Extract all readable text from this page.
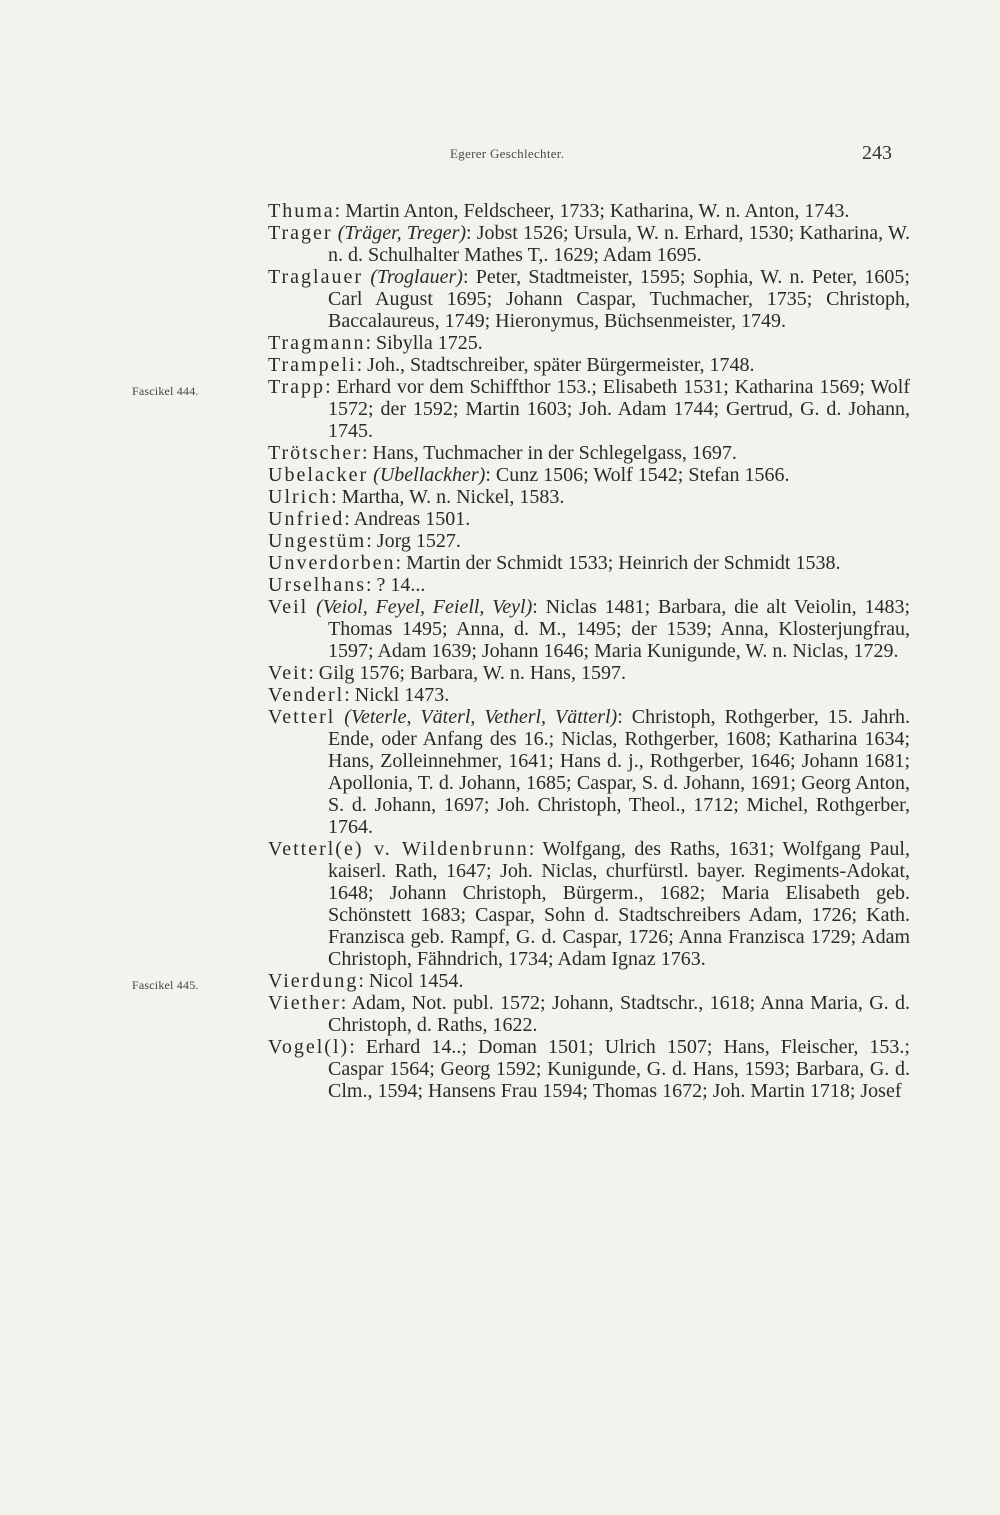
Egerer Geschlechter.	243

Thuma: Martin Anton, Feldscheer, 1733; Katharina, W. n. Anton, 1743.

Trager (Träger, Treger): Jobst 1526; Ursula, W. n. Erhard, 1530; Katharina, W. n. d. Schulhalter Mathes T,. 1629; Adam 1695.

Traglauer (Troglauer): Peter, Stadtmeister, 1595; Sophia, W. n. Peter, 1605; Carl August 1695; Johann Caspar, Tuchmacher, 1735; Christoph, Baccalaureus, 1749; Hieronymus, Büchsenmeister, 1749.

Tragmann: Sibylla 1725.

Trampeli: Joh., Stadtschreiber, später Bürgermeister, 1748.

Fascikel 444.	Trapp: Erhard vor dem Schiffthor 153.; Elisabeth 1531; Katharina 1569; Wolf 1572; der 1592; Martin 1603; Joh. Adam 1744; Gertrud, G. d. Johann, 1745.

Trötscher: Hans, Tuchmacher in der Schlegelgass, 1697.

Ubelacker (Ubellackher): Cunz 1506; Wolf 1542; Stefan 1566.

Ulrich: Martha, W. n. Nickel, 1583.

Unfried: Andreas 1501.

Ungestüm: Jorg 1527.

Unverdorben: Martin der Schmidt 1533; Heinrich der Schmidt 1538.

Urselhans: ? 14...

Veil (Veiol, Feyel, Feiell, Veyl): Niclas 1481; Barbara, die alt Veiolin, 1483; Thomas 1495; Anna, d. M., 1495; der 1539; Anna, Klosterjungfrau, 1597; Adam 1639; Johann 1646; Maria Kunigunde, W. n. Niclas, 1729.

Veit: Gilg 1576; Barbara, W. n. Hans, 1597.

Venderl: Nickl 1473.

Vetterl (Veterle, Väterl, Vetherl, Vätterl): Christoph, Rothgerber, 15. Jahrh. Ende, oder Anfang des 16.; Niclas, Rothgerber, 1608; Katharina 1634; Hans, Zolleinnehmer, 1641; Hans d. j., Rothgerber, 1646; Johann 1681; Apollonia, T. d. Johann, 1685; Caspar, S. d. Johann, 1691; Georg Anton, S. d. Johann, 1697; Joh. Christoph, Theol., 1712; Michel, Rothgerber, 1764.

Vetterl(e) v. Wildenbrunn: Wolfgang, des Raths, 1631; Wolfgang Paul, kaiserl. Rath, 1647; Joh. Niclas, churfürstl. bayer. Regiments-Adokat, 1648; Johann Christoph, Bürgerm., 1682; Maria Elisabeth geb. Schönstett 1683; Caspar, Sohn d. Stadtschreibers Adam, 1726; Kath. Franzisca geb. Rampf, G. d. Caspar, 1726; Anna Franzisca 1729; Adam Christoph, Fähndrich, 1734; Adam Ignaz 1763.

Fascikel 445.	Vierdung: Nicol 1454.

Viether: Adam, Not. publ. 1572; Johann, Stadtschr., 1618; Anna Maria, G. d. Christoph, d. Raths, 1622.

Vogel(l): Erhard 14..; Doman 1501; Ulrich 1507; Hans, Fleischer, 153.; Caspar 1564; Georg 1592; Kunigunde, G. d. Hans, 1593; Barbara, G. d. Clm., 1594; Hansens Frau 1594; Thomas 1672; Joh. Martin 1718; Josef
